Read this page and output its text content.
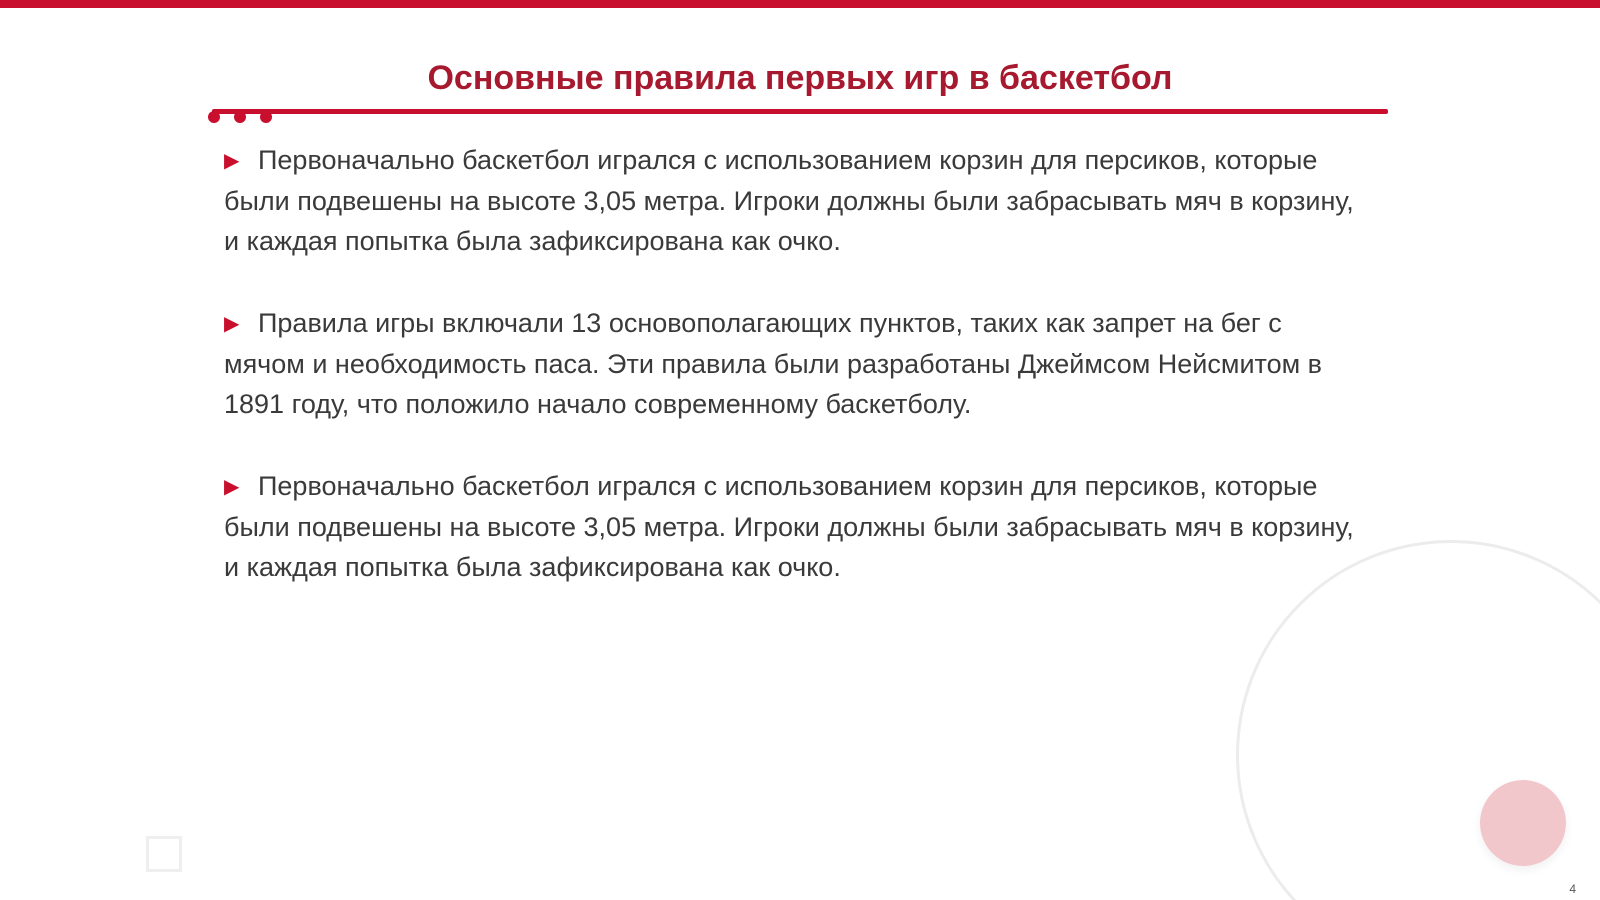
Основные правила первых игр в баскетбол

▶ Первоначально баскетбол игрался с использованием корзин для персиков, которые были подвешены на высоте 3,05 метра. Игроки должны были забрасывать мяч в корзину, и каждая попытка была зафиксирована как очко.

▶ Правила игры включали 13 основополагающих пунктов, таких как запрет на бег с мячом и необходимость паса. Эти правила были разработаны Джеймсом Нейсмитом в 1891 году, что положило начало современному баскетболу.

▶ Первоначально баскетбол игрался с использованием корзин для персиков, которые были подвешены на высоте 3,05 метра. Игроки должны были забрасывать мяч в корзину, и каждая попытка была зафиксирована как очко.

4
